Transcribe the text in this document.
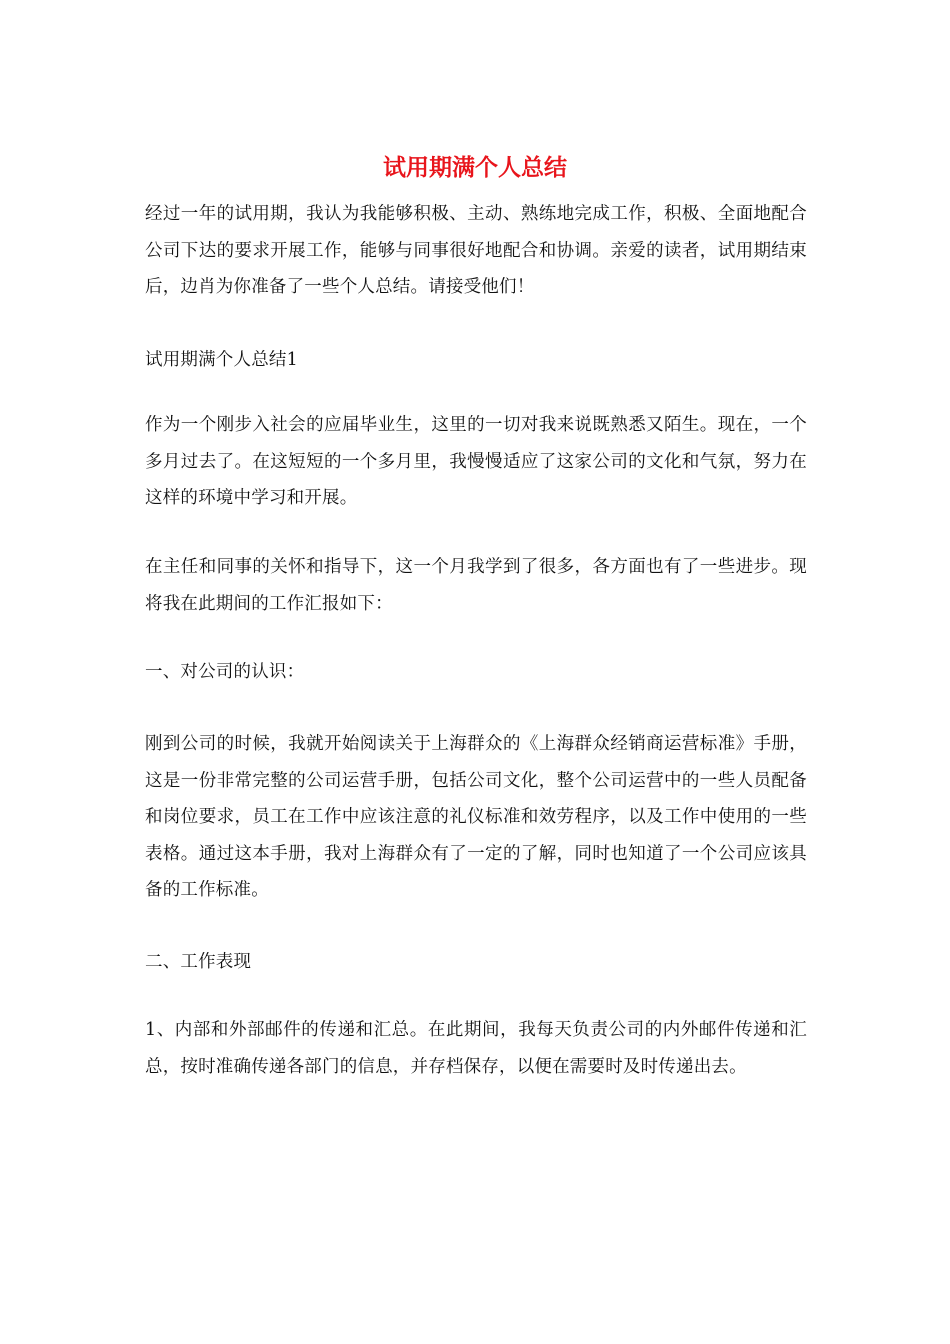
试用期满个人总结

经过一年的试用期，我认为我能够积极、主动、熟练地完成工作，积极、全面地配合公司下达的要求开展工作，能够与同事很好地配合和协调。亲爱的读者，试用期结束后，边肖为你准备了一些个人总结。请接受他们！

试用期满个人总结1

作为一个刚步入社会的应届毕业生，这里的一切对我来说既熟悉又陌生。现在，一个多月过去了。在这短短的一个多月里，我慢慢适应了这家公司的文化和气氛，努力在这样的环境中学习和开展。

在主任和同事的关怀和指导下，这一个月我学到了很多，各方面也有了一些进步。现将我在此期间的工作汇报如下：

一、对公司的认识：

刚到公司的时候，我就开始阅读关于上海群众的《上海群众经销商运营标准》手册，这是一份非常完整的公司运营手册，包括公司文化，整个公司运营中的一些人员配备和岗位要求，员工在工作中应该注意的礼仪标准和效劳程序，以及工作中使用的一些表格。通过这本手册，我对上海群众有了一定的了解，同时也知道了一个公司应该具备的工作标准。

二、工作表现

1、内部和外部邮件的传递和汇总。在此期间，我每天负责公司的内外邮件传递和汇总，按时准确传递各部门的信息，并存档保存，以便在需要时及时传递出去。
